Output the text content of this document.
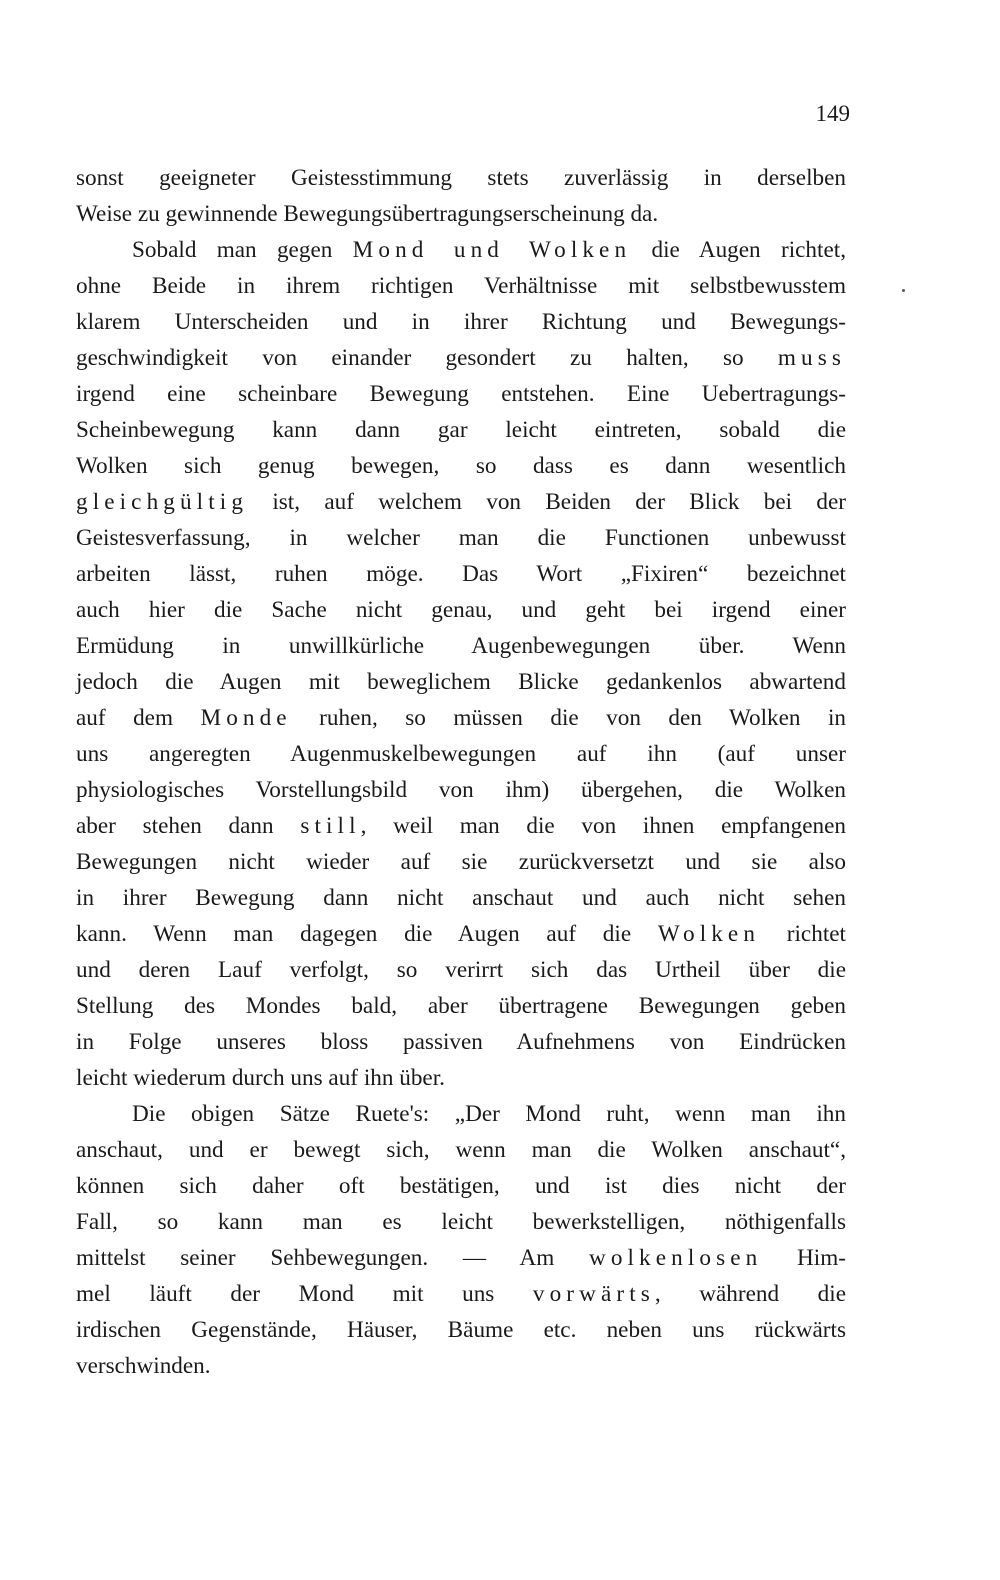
149
sonst geeigneter Geistesstimmung stets zuverlässig in derselben
Weise zu gewinnende Bewegungsübertragungserscheinung da.
Sobald man gegen Mond und Wolken die Augen richtet,
ohne Beide in ihrem richtigen Verhältnisse mit selbstbewusstem
klarem Unterscheiden und in ihrer Richtung und Bewegungs-
geschwindigkeit von einander gesondert zu halten, so muss
irgend eine scheinbare Bewegung entstehen. Eine Uebertragungs-
Scheinbewegung kann dann gar leicht eintreten, sobald die
Wolken sich genug bewegen, so dass es dann wesentlich
gleichgültig ist, auf welchem von Beiden der Blick bei der
Geistesverfassung, in welcher man die Functionen unbewusst
arbeiten lässt, ruhen möge. Das Wort „Fixiren“ bezeichnet
auch hier die Sache nicht genau, und geht bei irgend einer
Ermüdung in unwillkürliche Augenbewegungen über. Wenn
jedoch die Augen mit beweglichem Blicke gedankenlos abwartend
auf dem Monde ruhen, so müssen die von den Wolken in
uns angeregten Augenmuskelbewegungen auf ihn (auf unser
physiologisches Vorstellungsbild von ihm) übergehen, die Wolken
aber stehen dann still, weil man die von ihnen empfangenen
Bewegungen nicht wieder auf sie zurückversetzt und sie also
in ihrer Bewegung dann nicht anschaut und auch nicht sehen
kann. Wenn man dagegen die Augen auf die Wolken richtet
und deren Lauf verfolgt, so verirrt sich das Urtheil über die
Stellung des Mondes bald, aber übertragene Bewegungen geben
in Folge unseres bloss passiven Aufnehmens von Eindrücken
leicht wiederum durch uns auf ihn über.
Die obigen Sätze Ruete's: „Der Mond ruht, wenn man ihn
anschaut, und er bewegt sich, wenn man die Wolken anschaut“,
können sich daher oft bestätigen, und ist dies nicht der
Fall, so kann man es leicht bewerkstelligen, nöthigenfalls
mittelst seiner Sehbewegungen. — Am wolkenlosen Him-
mel läuft der Mond mit uns vorwärts, während die
irdischen Gegenstände, Häuser, Bäume etc. neben uns rückwärts
verschwinden.
